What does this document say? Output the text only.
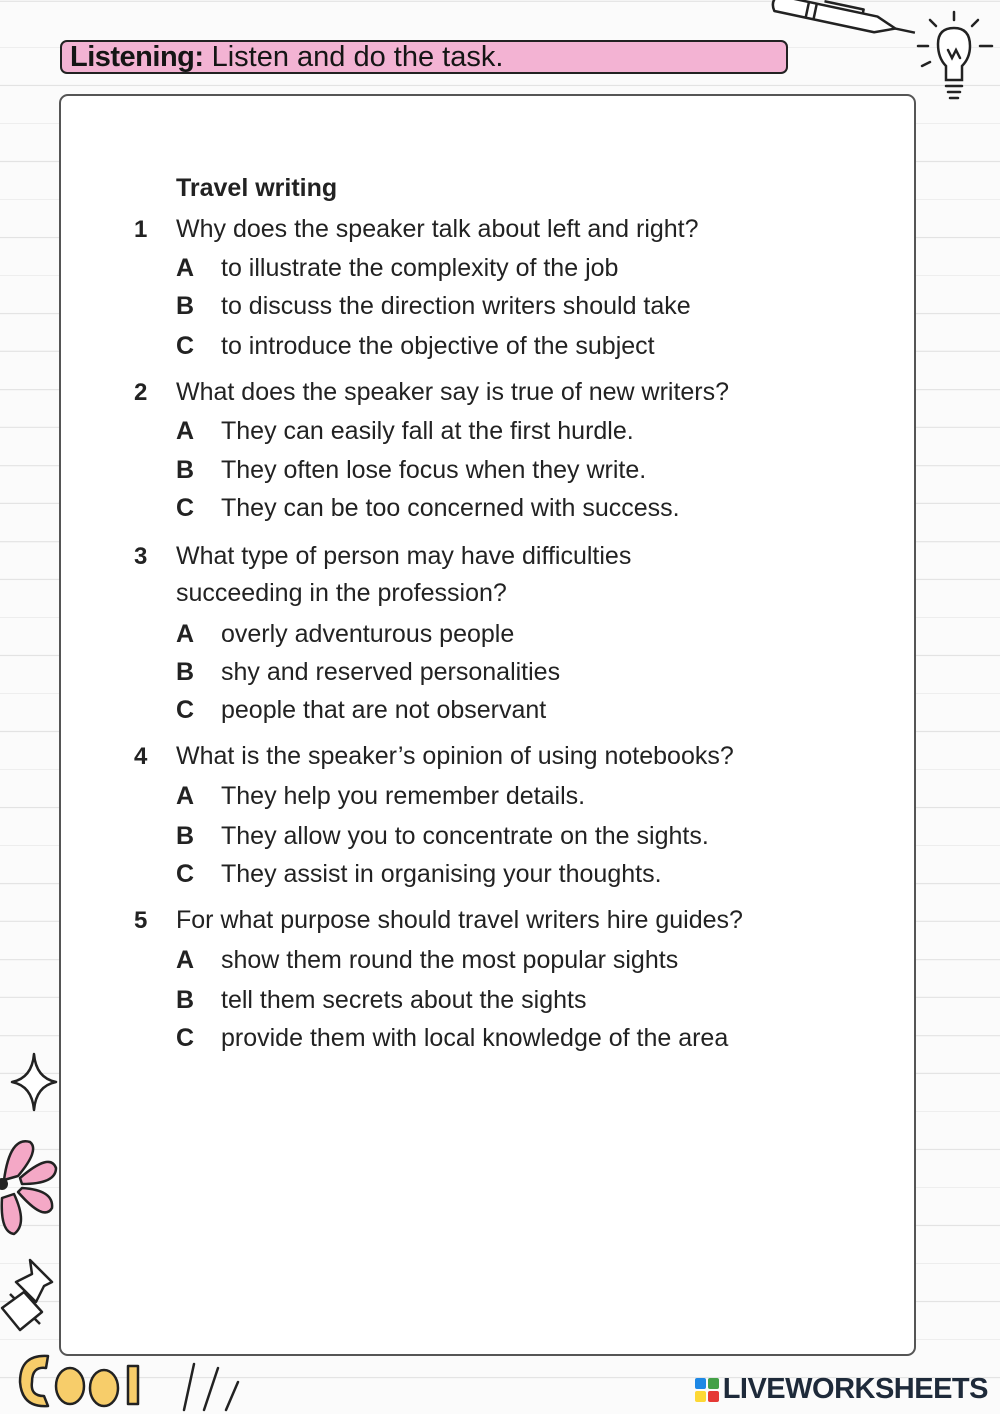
Listening: Listen and do the task.
Travel writing
1 Why does the speaker talk about left and right?
A to illustrate the complexity of the job
B to discuss the direction writers should take
C to introduce the objective of the subject
2 What does the speaker say is true of new writers?
A They can easily fall at the first hurdle.
B They often lose focus when they write.
C They can be too concerned with success.
3 What type of person may have difficulties succeeding in the profession?
A overly adventurous people
B shy and reserved personalities
C people that are not observant
4 What is the speaker’s opinion of using notebooks?
A They help you remember details.
B They allow you to concentrate on the sights.
C They assist in organising your thoughts.
5 For what purpose should travel writers hire guides?
A show them round the most popular sights
B tell them secrets about the sights
C provide them with local knowledge of the area
LIVEWORKSHEETS
